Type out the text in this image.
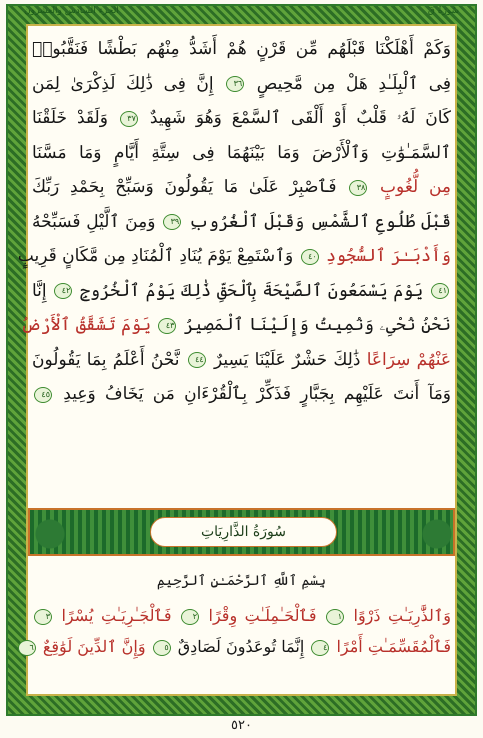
سُورَةُ قٓ
الجزء السادس والعشرون
وَكَمْ أَهْلَكْنَا قَبْلَهُم مِّن قَرْنٍ هُمْ أَشَدُّ مِنْهُم بَطْشًا فَنَقَّبُوا۟
فِى ٱلْبِلَـٰدِ هَلْ مِن مَّحِيصٍ ٣٦ إِنَّ فِى ذَٰلِكَ لَذِكْرَىٰ لِمَن
كَانَ لَهُۥ قَلْبٌ أَوْ أَلْقَى ٱلسَّمْعَ وَهُوَ شَهِيدٌ ٣٧ وَلَقَدْ خَلَقْنَا
ٱلسَّمَـٰوَٰتِ وَٱلْأَرْضَ وَمَا بَيْنَهُمَا فِى سِتَّةِ أَيَّامٍ وَمَا مَسَّنَا
مِن لُّغُوبٍ ٣٨ فَٱصْبِرْ عَلَىٰ مَا يَقُولُونَ وَسَبِّحْ بِحَمْدِ رَبِّكَ
قَبْلَ طُلُوعِ ٱلشَّمْسِ وَقَبْلَ ٱلْغُرُوبِ ٣٩ وَمِنَ ٱلَّيْلِ فَسَبِّحْهُ
وَأَدْبَـٰرَ ٱلسُّجُودِ ٤٠ وَٱسْتَمِعْ يَوْمَ يُنَادِ ٱلْمُنَادِ مِن مَّكَانٍ قَرِيبٍ
٤١ يَوْمَ يَسْمَعُونَ ٱلصَّيْحَةَ بِٱلْحَقِّ ذَٰلِكَ يَوْمُ ٱلْخُرُوجِ ٤٢ إِنَّا
نَحْنُ نُحْىِۦ وَنُمِيتُ وَإِلَيْنَا ٱلْمَصِيرُ ٤٣ يَوْمَ تَشَقَّقُ ٱلْأَرْضُ
عَنْهُمْ سِرَاعًا ذَٰلِكَ حَشْرٌ عَلَيْنَا يَسِيرٌ ٤٤ نَّحْنُ أَعْلَمُ بِمَا يَقُولُونَ
وَمَآ أَنتَ عَلَيْهِم بِجَبَّارٍ فَذَكِّرْ بِٱلْقُرْءَانِ مَن يَخَافُ وَعِيدِ ٤٥
سُورَةُ الذَّارِيَاتِ
بِسْمِ ٱللَّهِ ٱلرَّحْمَـٰنِ ٱلرَّحِيمِ
وَٱلذَّٰرِيَـٰتِ ذَرْوًا ١ فَٱلْحَـٰمِلَـٰتِ وِقْرًا ٢ فَٱلْجَـٰرِيَـٰتِ يُسْرًا ٣
فَٱلْمُقَسِّمَـٰتِ أَمْرًا ٤ إِنَّمَا تُوعَدُونَ لَصَادِقٌ ٥ وَإِنَّ ٱلدِّينَ لَوَٰقِعٌ ٦
٥٢٠
